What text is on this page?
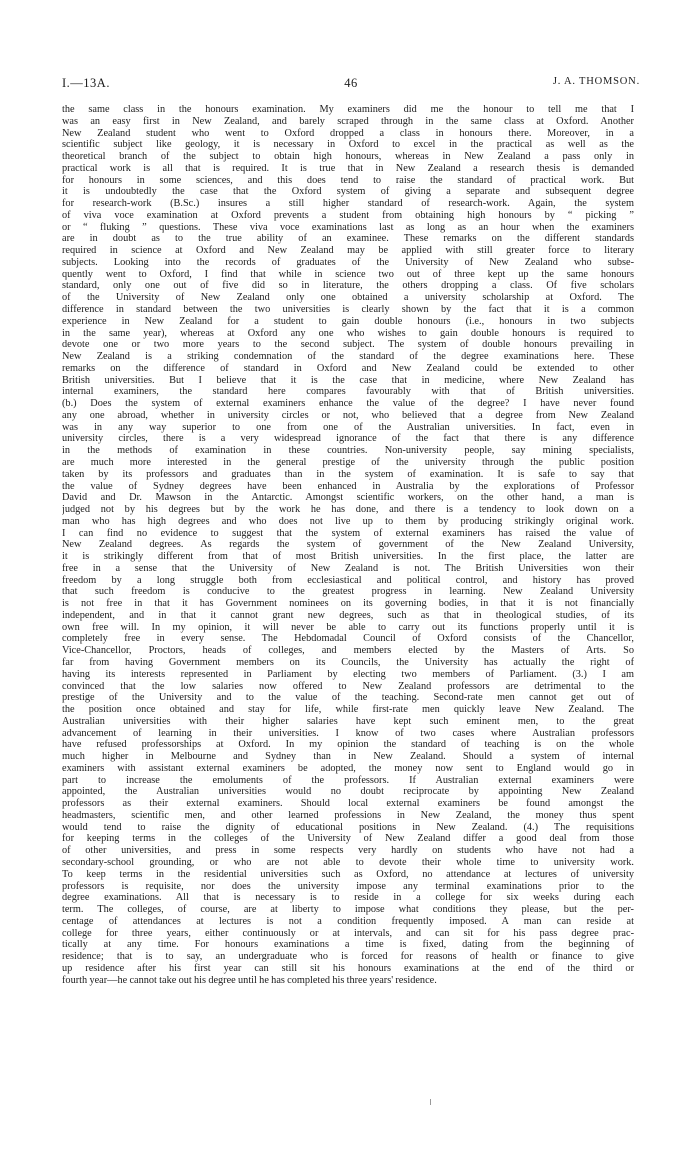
I.—13A.	46	J. A. THOMSON.
the same class in the honours examination. My examiners did me the honour to tell me that I
was an easy first in New Zealand, and barely scraped through in the same class at Oxford. Another
New Zealand student who went to Oxford dropped a class in honours there. Moreover, in a
scientific subject like geology, it is necessary in Oxford to excel in the practical as well as the
theoretical branch of the subject to obtain high honours, whereas in New Zealand a pass only in
practical work is all that is required. It is true that in New Zealand a research thesis is demanded
for honours in some sciences, and this does tend to raise the standard of practical work. But
it is undoubtedly the case that the Oxford system of giving a separate and subsequent degree
for research-work (B.Sc.) insures a still higher standard of research-work. Again, the system
of viva voce examination at Oxford prevents a student from obtaining high honours by “ picking ”
or “ fluking ” questions. These viva voce examinations last as long as an hour when the examiners
are in doubt as to the true ability of an examinee. These remarks on the different standards
required in science at Oxford and New Zealand may be applied with still greater force to literary
subjects. Looking into the records of graduates of the University of New Zealand who subse-
quently went to Oxford, I find that while in science two out of three kept up the same honours
standard, only one out of five did so in literature, the others dropping a class. Of five scholars
of the University of New Zealand only one obtained a university scholarship at Oxford. The
difference in standard between the two universities is clearly shown by the fact that it is a common
experience in New Zealand for a student to gain double honours (i.e., honours in two subjects
in the same year), whereas at Oxford any one who wishes to gain double honours is required to
devote one or two more years to the second subject. The system of double honours prevailing in
New Zealand is a striking condemnation of the standard of the degree examinations here. These
remarks on the difference of standard in Oxford and New Zealand could be extended to other
British universities. But I believe that it is the case that in medicine, where New Zealand has
internal examiners, the standard here compares favourably with that of British universities.
(b.) Does the system of external examiners enhance the value of the degree? I have never found
any one abroad, whether in university circles or not, who believed that a degree from New Zealand
was in any way superior to one from one of the Australian universities. In fact, even in
university circles, there is a very widespread ignorance of the fact that there is any difference
in the methods of examination in these countries. Non-university people, say mining specialists,
are much more interested in the general prestige of the university through the public position
taken by its professors and graduates than in the system of examination. It is safe to say that
the value of Sydney degrees have been enhanced in Australia by the explorations of Professor
David and Dr. Mawson in the Antarctic. Amongst scientific workers, on the other hand, a man is
judged not by his degrees but by the work he has done, and there is a tendency to look down on a
man who has high degrees and who does not live up to them by producing strikingly original work.
I can find no evidence to suggest that the system of external examiners has raised the value of
New Zealand degrees. As regards the system of government of the New Zealand University,
it is strikingly different from that of most British universities. In the first place, the latter are
free in a sense that the University of New Zealand is not. The British Universities won their
freedom by a long struggle both from ecclesiastical and political control, and history has proved
that such freedom is conducive to the greatest progress in learning. New Zealand University
is not free in that it has Government nominees on its governing bodies, in that it is not financially
independent, and in that it cannot grant new degrees, such as that in theological studies, of its
own free will. In my opinion, it will never be able to carry out its functions properly until it is
completely free in every sense. The Hebdomadal Council of Oxford consists of the Chancellor,
Vice-Chancellor, Proctors, heads of colleges, and members elected by the Masters of Arts. So
far from having Government members on its Councils, the University has actually the right of
having its interests represented in Parliament by electing two members of Parliament. (3.) I am
convinced that the low salaries now offered to New Zealand professors are detrimental to the
prestige of the University and to the value of the teaching. Second-rate men cannot get out of
the position once obtained and stay for life, while first-rate men quickly leave New Zealand. The
Australian universities with their higher salaries have kept such eminent men, to the great
advancement of learning in their universities. I know of two cases where Australian professors
have refused professorships at Oxford. In my opinion the standard of teaching is on the whole
much higher in Melbourne and Sydney than in New Zealand. Should a system of internal
examiners with assistant external examiners be adopted, the money now sent to England would go in
part to increase the emoluments of the professors. If Australian external examiners were
appointed, the Australian universities would no doubt reciprocate by appointing New Zealand
professors as their external examiners. Should local external examiners be found amongst the
headmasters, scientific men, and other learned professions in New Zealand, the money thus spent
would tend to raise the dignity of educational positions in New Zealand. (4.) The requisitions
for keeping terms in the colleges of the University of New Zealand differ a good deal from those
of other universities, and press in some respects very hardly on students who have not had a
secondary-school grounding, or who are not able to devote their whole time to university work.
To keep terms in the residential universities such as Oxford, no attendance at lectures of university
professors is requisite, nor does the university impose any terminal examinations prior to the
degree examinations. All that is necessary is to reside in a college for six weeks during each
term. The colleges, of course, are at liberty to impose what conditions they please, but the per-
centage of attendances at lectures is not a condition frequently imposed. A man can reside at
college for three years, either continuously or at intervals, and can sit for his pass degree prac-
tically at any time. For honours examinations a time is fixed, dating from the beginning of
residence; that is to say, an undergraduate who is forced for reasons of health or finance to give
up residence after his first year can still sit his honours examinations at the end of the third or
fourth year—he cannot take out his degree until he has completed his three years' residence.
